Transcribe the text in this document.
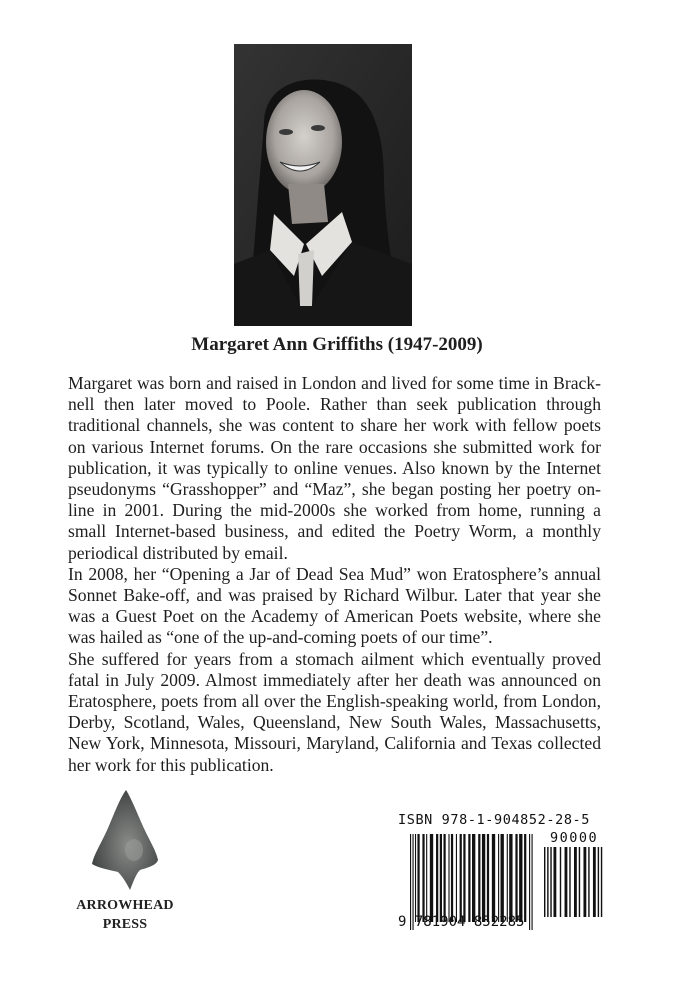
Margaret Ann Griffiths (1947-2009)

Margaret was born and raised in London and lived for some time in Brack-
nell then later moved to Poole. Rather than seek publication through
traditional channels, she was content to share her work with fellow poets
on various Internet forums. On the rare occasions she submitted work for
publication, it was typically to online venues. Also known by the Internet
pseudonyms “Grasshopper” and “Maz”, she began posting her poetry on-
line in 2001. During the mid-2000s she worked from home, running a
small Internet-based business, and edited the Poetry Worm, a monthly
periodical distributed by email.

In 2008, her “Opening a Jar of Dead Sea Mud” won Eratosphere’s annual
Sonnet Bake-off, and was praised by Richard Wilbur. Later that year she
was a Guest Poet on the Academy of American Poets website, where she
was hailed as “one of the up-and-coming poets of our time”.

She suffered for years from a stomach ailment which eventually proved
fatal in July 2009. Almost immediately after her death was announced on
Eratosphere, poets from all over the English-speaking world, from London,
Derby, Scotland, Wales, Queensland, New South Wales, Massachusetts,
New York, Minnesota, Missouri, Maryland, California and Texas collected
her work for this publication.

ARROWHEAD
PRESS
ISBN 978-1-904852-28-5
90000
9 781904 852285
